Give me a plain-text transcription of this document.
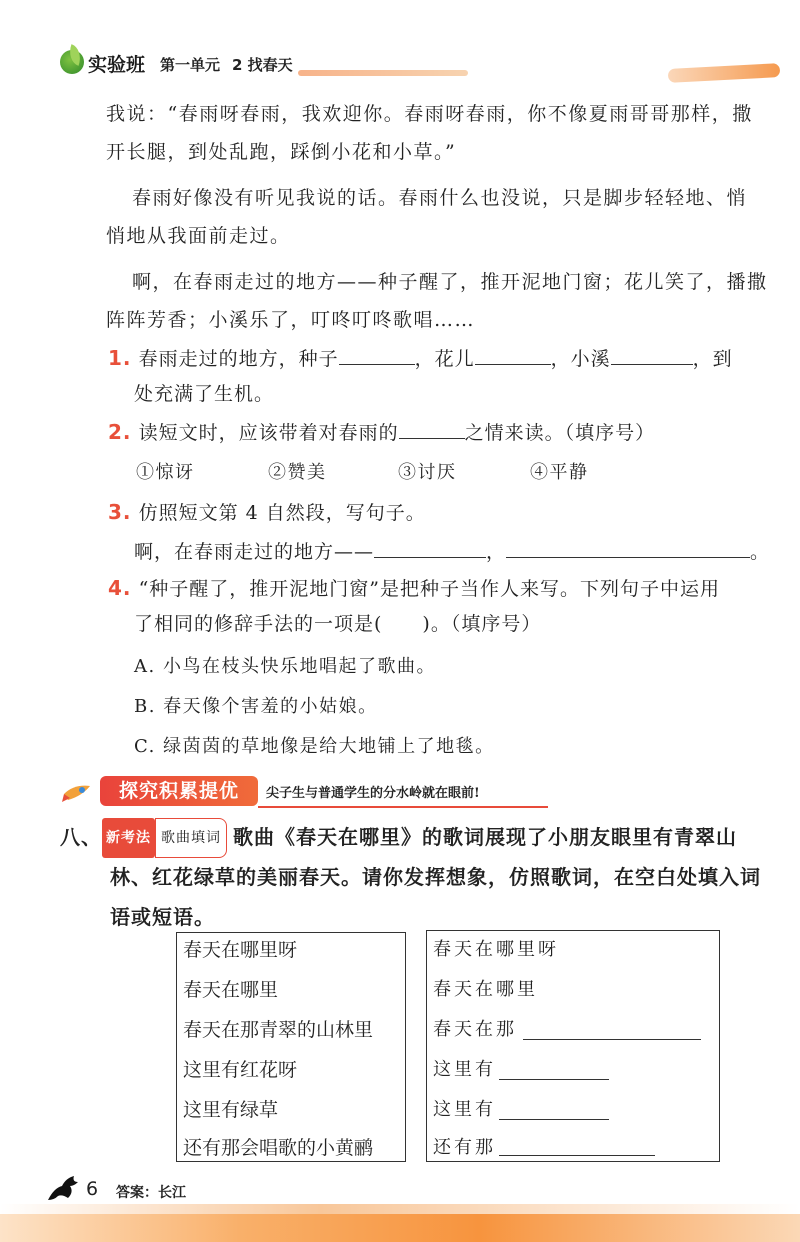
实验班 第一单元 2 找春天
我说：“春雨呀春雨，我欢迎你。春雨呀春雨，你不像夏雨哥哥那样，撒
开长腿，到处乱跑，踩倒小花和小草。”
春雨好像没有听见我说的话。春雨什么也没说，只是脚步轻轻地、悄
悄地从我面前走过。
啊，在春雨走过的地方——种子醒了，推开泥地门窗；花儿笑了，播撒
阵阵芳香；小溪乐了，叮咚叮咚歌唱……
1. 春雨走过的地方，种子	，花儿	，小溪	，到
处充满了生机。
2. 读短文时，应该带着对春雨的	之情来读。（填序号）
①惊讶	②赞美	③讨厌	④平静
3. 仿照短文第 4 自然段，写句子。
啊，在春雨走过的地方——	，	。
4. “种子醒了，推开泥地门窗”是把种子当作人来写。下列句子中运用
了相同的修辞手法的一项是(　　)。（填序号）
A. 小鸟在枝头快乐地唱起了歌曲。
B. 春天像个害羞的小姑娘。
C. 绿茵茵的草地像是给大地铺上了地毯。
探究积累提优	尖子生与普通学生的分水岭就在眼前!
八、 新考法 歌曲填词 歌曲《春天在哪里》的歌词展现了小朋友眼里有青翠山
林、红花绿草的美丽春天。请你发挥想象，仿照歌词，在空白处填入词
语或短语。
春天在哪里呀
春天在哪里
春天在那青翠的山林里
这里有红花呀
这里有绿草
还有那会唱歌的小黄鹂
春天在哪里呀
春天在哪里
春天在那
这里有
这里有
还有那
6 答案：长江
